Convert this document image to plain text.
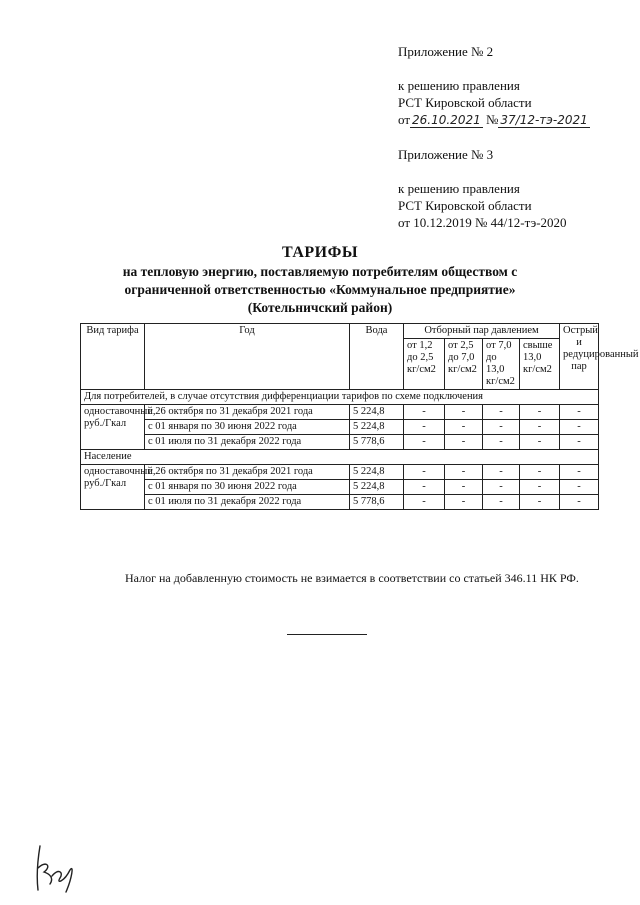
Приложение № 2

к решению правления

РСТ Кировской области

от 26.10.2021 № 37/12-тэ-2021

Приложение № 3

к решению правления

РСТ Кировской области

от 10.12.2019 № 44/12-тэ-2020

ТАРИФЫ
на тепловую энергию, поставляемую потребителям обществом с
ограниченной ответственностью «Коммунальное предприятие»
(Котельничский район)
Вид тарифа	Год	Вода	Отборный пар давлением				Острый и редуцированный пар
			от 1,2 до 2,5 кг/см2	от 2,5 до 7,0 кг/см2	от 7,0 до 13,0 кг/см2	свыше 13,0 кг/см2	
Для потребителей, в случае отсутствия дифференциации тарифов по схеме подключения							
одноставочный, руб./Гкал	с 26 октября по 31 декабря 2021 года	5 224,8	-	-	-	-	-
	с 01 января по 30 июня 2022 года	5 224,8	-	-	-	-	-
	с 01 июля по 31 декабря 2022 года	5 778,6	-	-	-	-	-
Население							
одноставочный, руб./Гкал	с 26 октября по 31 декабря 2021 года	5 224,8	-	-	-	-	-
	с 01 января по 30 июня 2022 года	5 224,8	-	-	-	-	-
	с 01 июля по 31 декабря 2022 года	5 778,6	-	-	-	-	-
Налог на добавленную стоимость не взимается в соответствии со статьей 346.11 НК РФ.
